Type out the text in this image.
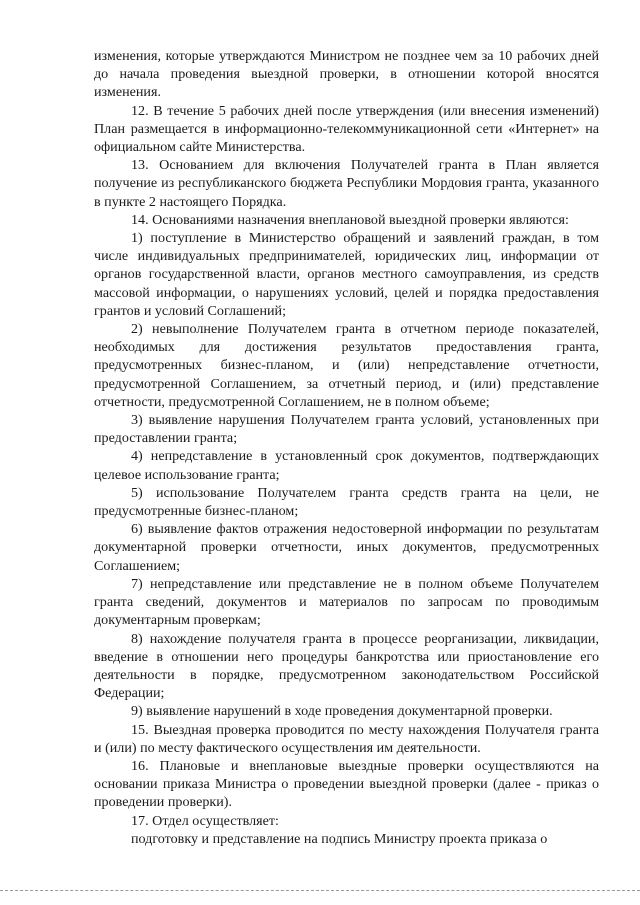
изменения, которые утверждаются Министром не позднее чем за 10 рабочих дней до начала проведения выездной проверки, в отношении которой вносятся изменения.

12. В течение 5 рабочих дней после утверждения (или внесения изменений) План размещается в информационно-телекоммуникационной сети «Интернет» на официальном сайте Министерства.

13. Основанием для включения Получателей гранта в План является получение из республиканского бюджета Республики Мордовия гранта, указанного в пункте 2 настоящего Порядка.

14. Основаниями назначения внеплановой выездной проверки являются:

1) поступление в Министерство обращений и заявлений граждан, в том числе индивидуальных предпринимателей, юридических лиц, информации от органов государственной власти, органов местного самоуправления, из средств массовой информации, о нарушениях условий, целей и порядка предоставления грантов и условий Соглашений;

2) невыполнение Получателем гранта в отчетном периоде показателей, необходимых для достижения результатов предоставления гранта, предусмотренных бизнес-планом, и (или) непредставление отчетности, предусмотренной Соглашением, за отчетный период, и (или) представление отчетности, предусмотренной Соглашением, не в полном объеме;

3) выявление нарушения Получателем гранта условий, установленных при предоставлении гранта;

4) непредставление в установленный срок документов, подтверждающих целевое использование гранта;

5) использование Получателем гранта средств гранта на цели, не предусмотренные бизнес-планом;

6) выявление фактов отражения недостоверной информации по результатам документарной проверки отчетности, иных документов, предусмотренных Соглашением;

7) непредставление или представление не в полном объеме Получателем гранта сведений, документов и материалов по запросам по проводимым документарным проверкам;

8) нахождение получателя гранта в процессе реорганизации, ликвидации, введение в отношении него процедуры банкротства или приостановление его деятельности в порядке, предусмотренном законодательством Российской Федерации;

9) выявление нарушений в ходе проведения документарной проверки.

15. Выездная проверка проводится по месту нахождения Получателя гранта и (или) по месту фактического осуществления им деятельности.

16. Плановые и внеплановые выездные проверки осуществляются на основании приказа Министра о проведении выездной проверки (далее - приказ о проведении проверки).

17. Отдел осуществляет:

подготовку и представление на подпись Министру проекта приказа о
